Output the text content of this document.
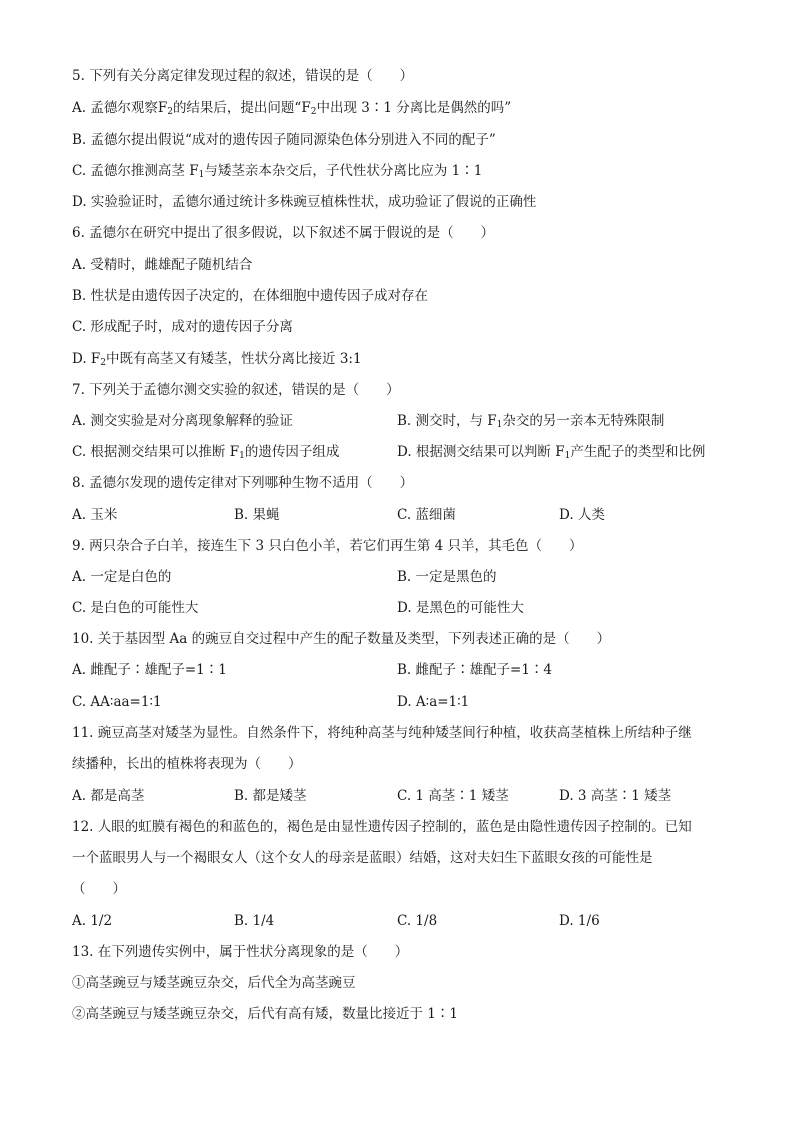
5. 下列有关分离定律发现过程的叙述，错误的是（　　）
A. 孟德尔观察$F_2$的结果后，提出问题“$F_2$中出现 3∶1 分离比是偶然的吗”
B. 孟德尔提出假说“成对的遗传因子随同源染色体分别进入不同的配子”
C. 孟德尔推测高茎 $F_1$与矮茎亲本杂交后，子代性状分离比应为 1∶1
D. 实验验证时，孟德尔通过统计多株豌豆植株性状，成功验证了假说的正确性
6. 孟德尔在研究中提出了很多假说，以下叙述不属于假说的是（　　）
A. 受精时，雌雄配子随机结合
B. 性状是由遗传因子决定的，在体细胞中遗传因子成对存在
C. 形成配子时，成对的遗传因子分离
D. $F_2$中既有高茎又有矮茎，性状分离比接近 3:1
7. 下列关于孟德尔测交实验的叙述，错误的是（　　）
A. 测交实验是对分离现象解释的验证	B. 测交时，与 $F_1$杂交的另一亲本无特殊限制
C. 根据测交结果可以推断 $F_1$的遗传因子组成	D. 根据测交结果可以判断 $F_1$产生配子的类型和比例
8. 孟德尔发现的遗传定律对下列哪种生物不适用（　　）
A. 玉米	B. 果蝇	C. 蓝细菌	D. 人类
9. 两只杂合子白羊，接连生下 3 只白色小羊，若它们再生第 4 只羊，其毛色（　　）
A. 一定是白色的	B. 一定是黑色的
C. 是白色的可能性大	D. 是黑色的可能性大
10. 关于基因型 Aa 的豌豆自交过程中产生的配子数量及类型，下列表述正确的是（　　）
A. 雌配子∶雄配子=1∶1	B. 雌配子∶雄配子=1∶4
C. AA∶aa=1∶1	D. A∶a=1∶1
11. 豌豆高茎对矮茎为显性。自然条件下，将纯种高茎与纯种矮茎间行种植，收获高茎植株上所结种子继
续播种，长出的植株将表现为（　　）
A. 都是高茎	B. 都是矮茎	C. 1 高茎∶1 矮茎	D. 3 高茎∶1 矮茎
12. 人眼的虹膜有褐色的和蓝色的，褐色是由显性遗传因子控制的，蓝色是由隐性遗传因子控制的。已知
一个蓝眼男人与一个褐眼女人（这个女人的母亲是蓝眼）结婚，这对夫妇生下蓝眼女孩的可能性是
（　　）
A. 1/2	B. 1/4	C. 1/8	D. 1/6
13. 在下列遗传实例中，属于性状分离现象的是（　　）
①高茎豌豆与矮茎豌豆杂交，后代全为高茎豌豆
②高茎豌豆与矮茎豌豆杂交，后代有高有矮，数量比接近于 1∶1
